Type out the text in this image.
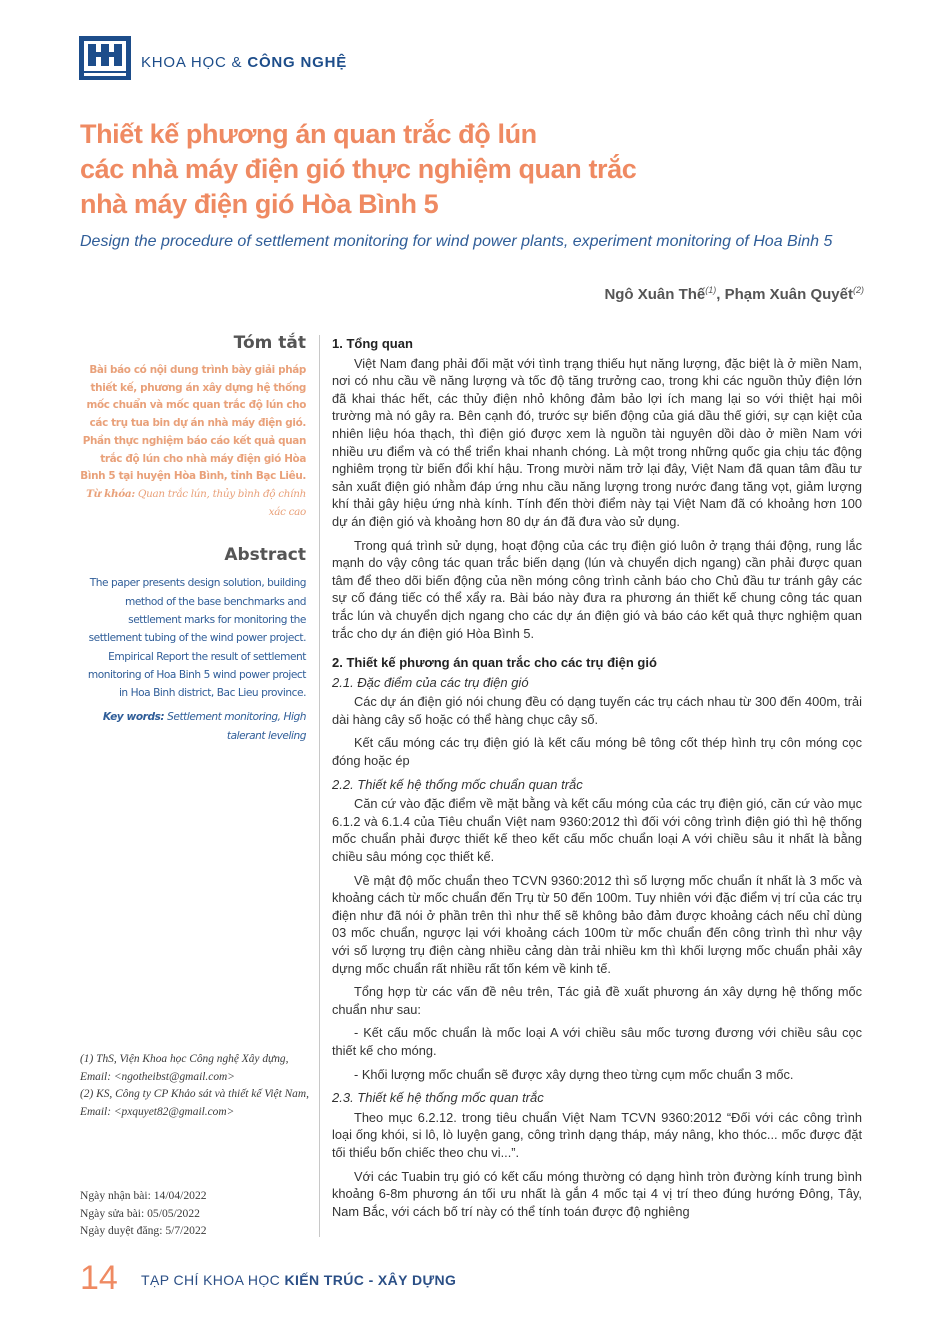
KHOA HỌC & CÔNG NGHỆ
Thiết kế phương án quan trắc độ lún
các nhà máy điện gió thực nghiệm quan trắc
nhà máy điện gió Hòa Bình 5
Design the procedure of settlement monitoring for wind power plants, experiment monitoring of Hoa Binh 5
Ngô Xuân Thế$^{(1)}$, Phạm Xuân Quyết$^{(2)}$
Tóm tắt
Bài báo có nội dung trình bày giải pháp thiết kế, phương án xây dựng hệ thống mốc chuẩn và mốc quan trắc độ lún cho các trụ tua bin dự án nhà máy điện gió. Phần thực nghiệm báo cáo kết quả quan trắc độ lún cho nhà máy điện gió Hòa Bình 5 tại huyện Hòa Bình, tỉnh Bạc Liêu.
Từ khóa: Quan trắc lún, thủy bình độ chính xác cao
Abstract
The paper presents design solution, building method of the base benchmarks and settlement marks for monitoring the settlement tubing of the wind power project. Empirical Report the result of settlement monitoring of Hoa Binh 5 wind power project in Hoa Binh district, Bac Lieu province.
Key words: Settlement monitoring, High talerant leveling
(1) ThS, Viện Khoa học Công nghệ Xây dựng, Email: <ngotheibst@gmail.com>
(2) KS, Công ty CP Khảo sát và thiết kế Việt Nam,
Email: <pxquyet82@gmail.com>
Ngày nhận bài: 14/04/2022
Ngày sửa bài: 05/05/2022
Ngày duyệt đăng: 5/7/2022
1. Tổng quan

Việt Nam đang phải đối mặt với tình trạng thiếu hụt năng lượng, đặc biệt là ở miền Nam, nơi có nhu cầu về năng lượng và tốc độ tăng trưởng cao, trong khi các nguồn thủy điện lớn đã khai thác hết, các thủy điện nhỏ không đảm bảo lợi ích mang lại so với thiệt hại môi trường mà nó gây ra. Bên cạnh đó, trước sự biến động của giá dầu thế giới, sự cạn kiệt của nhiên liệu hóa thạch, thì điện gió được xem là nguồn tài nguyên dồi dào ở miền Nam với nhiều ưu điểm và có thể triển khai nhanh chóng. Là một trong những quốc gia chịu tác động nghiêm trọng từ biến đổi khí hậu. Trong mười năm trở lại đây, Việt Nam đã quan tâm đầu tư sản xuất điện gió nhằm đáp ứng nhu cầu năng lượng trong nước đang tăng vọt, giảm lượng khí thải gây hiệu ứng nhà kính. Tính đến thời điểm này tại Việt Nam đã có khoảng hơn 100 dự án điện gió và khoảng hơn 80 dự án đã đưa vào sử dụng.

Trong quá trình sử dụng, hoạt động của các trụ điện gió luôn ở trạng thái động, rung lắc mạnh do vậy công tác quan trắc biến dạng (lún và chuyển dịch ngang) cần phải được quan tâm để theo dõi biến động của nền móng công trình cảnh báo cho Chủ đầu tư tránh gây các sự cố đáng tiếc có thể xẩy ra. Bài báo này đưa ra phương án thiết kế chung công tác quan trắc lún và chuyển dịch ngang cho các dự án điện gió và báo cáo kết quả thực nghiệm quan trắc cho dự án điện gió Hòa Bình 5.

2. Thiết kế phương án quan trắc cho các trụ điện gió
2.1. Đặc điểm của các trụ điện gió

Các dự án điện gió nói chung đều có dạng tuyến các trụ cách nhau từ 300 đến 400m, trải dài hàng cây số hoặc có thể hàng chục cây số.

Kết cấu móng các trụ điện gió là kết cấu móng bê tông cốt thép hình trụ côn móng cọc đóng hoặc ép

2.2. Thiết kế hệ thống mốc chuẩn quan trắc

Căn cứ vào đặc điểm về mặt bằng và kết cấu móng của các trụ điện gió, căn cứ vào mục 6.1.2 và 6.1.4 của Tiêu chuẩn Việt nam 9360:2012 thì đối với công trình điện gió thì hệ thống mốc chuẩn phải được thiết kế theo kết cấu mốc chuẩn loại A với chiều sâu it nhất là bằng chiều sâu móng cọc thiết kế.

Về mật độ mốc chuẩn theo TCVN 9360:2012 thì số lượng mốc chuẩn ít nhất là 3 mốc và khoảng cách từ mốc chuẩn đến Trụ từ 50 đến 100m. Tuy nhiên với đặc điểm vị trí của các trụ điện như đã nói ở phần trên thì như thế sẽ không bảo đảm được khoảng cách nếu chỉ dùng 03 mốc chuẩn, ngược lại với khoảng cách 100m từ mốc chuẩn đến công trình thì như vậy với số lượng trụ điện càng nhiều cảng dàn trải nhiều km thì khối lượng mốc chuẩn phải xây dựng mốc chuẩn rất nhiều rất tốn kém về kinh tế.

Tổng hợp từ các vấn đề nêu trên, Tác giả đề xuất phương án xây dựng hệ thống mốc chuẩn như sau:

- Kết cấu mốc chuẩn là mốc loại A với chiều sâu mốc tương đương với chiều sâu cọc thiết kế cho móng.

- Khối lượng mốc chuẩn sẽ được xây dựng theo từng cụm mốc chuẩn 3 mốc.

2.3. Thiết kế hệ thống mốc quan trắc

Theo mục 6.2.12. trong tiêu chuẩn Việt Nam TCVN 9360:2012 “Đối với các công trình loại ống khói, si lô, lò luyện gang, công trình dạng tháp, máy nâng, kho thóc... mốc được đặt tối thiểu bốn chiếc theo chu vi...”.

Với các Tuabin trụ gió có kết cấu móng thường có dạng hình tròn đường kính trung bình khoảng 6-8m phương án tối ưu nhất là gắn 4 mốc tại 4 vị trí theo đúng hướng Đông, Tây, Nam Bắc, với cách bố trí này có thể tính toán được độ nghiêng

14 TẠP CHÍ KHOA HỌC KIẾN TRÚC - XÂY DỰNG
